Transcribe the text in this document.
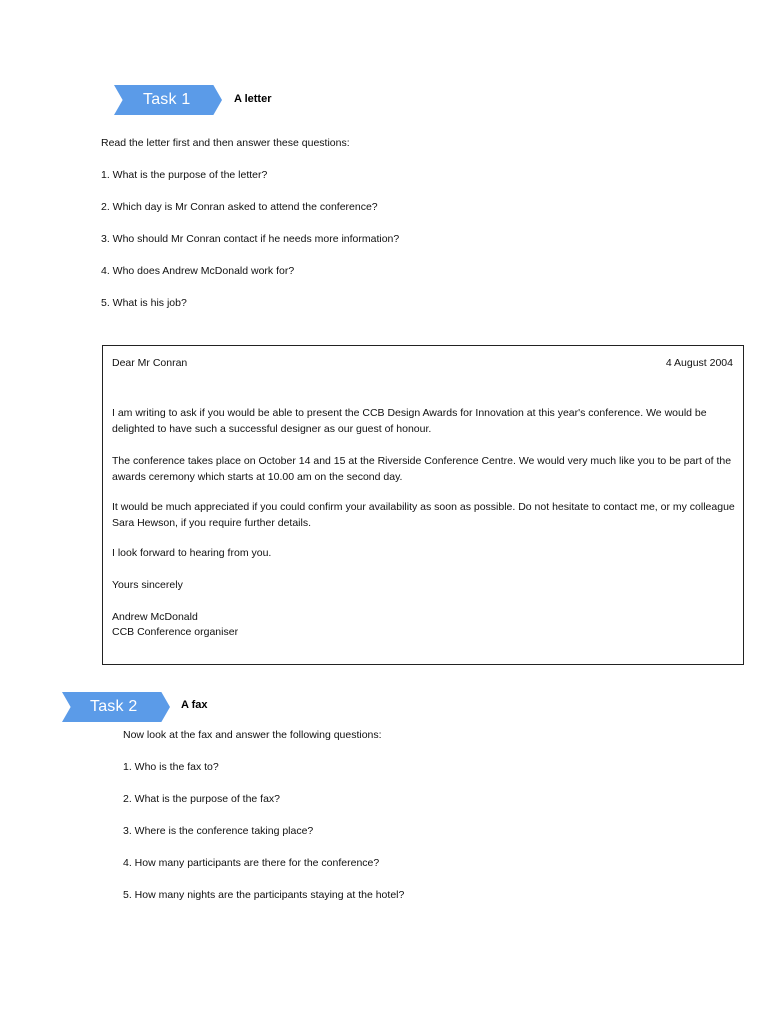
Task 1	A letter
Read the letter first and then answer these questions:
1. What is the purpose of the letter?
2. Which day is Mr Conran asked to attend the conference?
3. Who should Mr Conran contact if he needs more information?
4. Who does Andrew McDonald work for?
5. What is his job?
Dear Mr Conran	4 August 2004
I am writing to ask if you would be able to present the CCB Design Awards for Innovation at this year's conference. We would be delighted to have such a successful designer as our guest of honour.
The conference takes place on October 14 and 15 at the Riverside Conference Centre. We would very much like you to be part of the awards ceremony which starts at 10.00 am on the second day.
It would be much appreciated if you could confirm your availability as soon as possible. Do not hesitate to contact me, or my colleague Sara Hewson, if you require further details.
I look forward to hearing from you.
Yours sincerely
Andrew McDonald
CCB Conference organiser
Task 2	A fax
Now look at the fax and answer the following questions:
1. Who is the fax to?
2. What is the purpose of the fax?
3. Where is the conference taking place?
4. How many participants are there for the conference?
5. How many nights are the participants staying at the hotel?
